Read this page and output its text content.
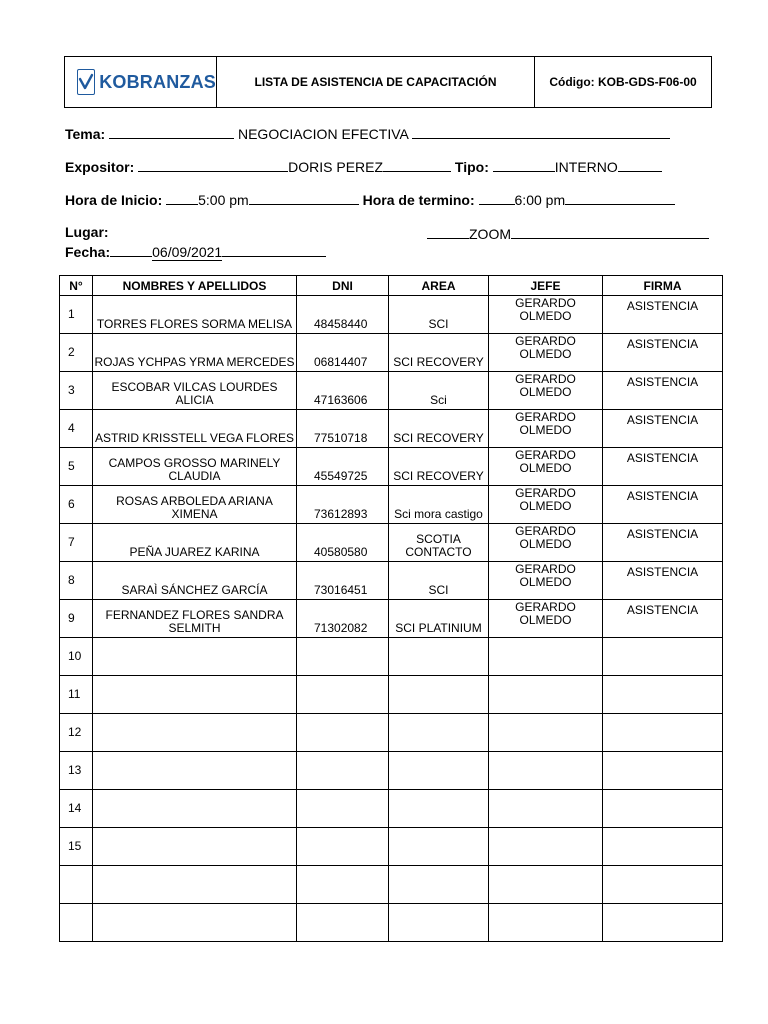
KOBRANZAS	LISTA DE ASISTENCIA DE CAPACITACIÓN	Código: KOB-GDS-F06-00
Tema:	NEGOCIACION EFECTIVA
Expositor:	DORIS PEREZ	Tipo:	INTERNO
Hora de Inicio:	5:00 pm	Hora de termino:	6:00 pm
Lugar:	ZOOM
Fecha:	06/09/2021
N°	NOMBRES Y APELLIDOS	DNI	AREA	JEFE	FIRMA
1	TORRES FLORES SORMA MELISA	48458440	SCI	GERARDO OLMEDO	ASISTENCIA
2	ROJAS YCHPAS YRMA MERCEDES	06814407	SCI RECOVERY	GERARDO OLMEDO	ASISTENCIA
3	ESCOBAR VILCAS LOURDES ALICIA	47163606	Sci	GERARDO OLMEDO	ASISTENCIA
4	ASTRID KRISSTELL VEGA FLORES	77510718	SCI RECOVERY	GERARDO OLMEDO	ASISTENCIA
5	CAMPOS GROSSO MARINELY CLAUDIA	45549725	SCI RECOVERY	GERARDO OLMEDO	ASISTENCIA
6	ROSAS ARBOLEDA ARIANA XIMENA	73612893	Sci mora castigo	GERARDO OLMEDO	ASISTENCIA
7	PEÑA JUAREZ KARINA	40580580	SCOTIA CONTACTO	GERARDO OLMEDO	ASISTENCIA
8	SARAÌ SÁNCHEZ GARCÍA	73016451	SCI	GERARDO OLMEDO	ASISTENCIA
9	FERNANDEZ FLORES SANDRA SELMITH	71302082	SCI PLATINIUM	GERARDO OLMEDO	ASISTENCIA
10					
11					
12					
13					
14					
15					
